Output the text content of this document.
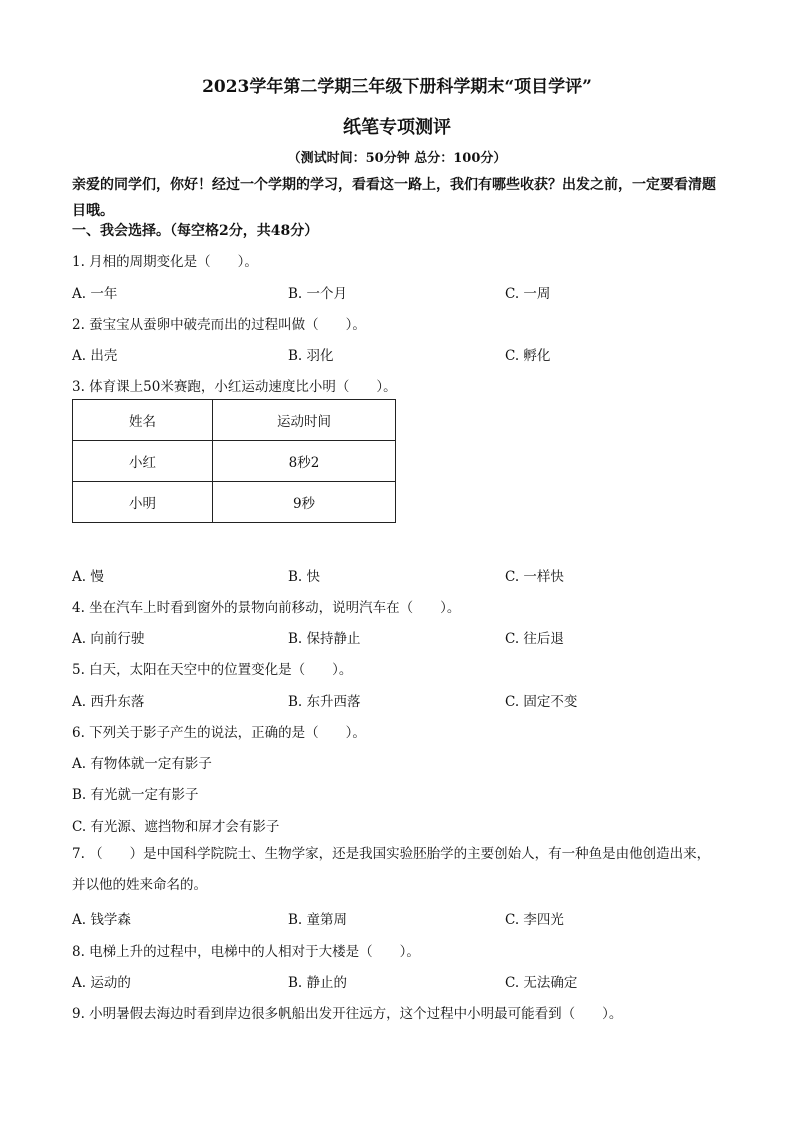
2023学年第二学期三年级下册科学期末“项目学评”
纸笔专项测评
（测试时间：50分钟 总分：100分）
亲爱的同学们，你好！经过一个学期的学习，看看这一路上，我们有哪些收获？出发之前，一定要看清题目哦。
一、我会选择。（每空格2分，共48分）
1. 月相的周期变化是（　　）。
A. 一年	B. 一个月	C. 一周
2. 蚕宝宝从蚕卵中破壳而出的过程叫做（　　）。
A. 出壳	B. 羽化	C. 孵化
3. 体育课上50米赛跑，小红运动速度比小明（　　）。
姓名	运动时间
小红	8秒2
小明	9秒
A. 慢	B. 快	C. 一样快
4. 坐在汽车上时看到窗外的景物向前移动，说明汽车在（　　）。
A. 向前行驶	B. 保持静止	C. 往后退
5. 白天，太阳在天空中的位置变化是（　　）。
A. 西升东落	B. 东升西落	C. 固定不变
6. 下列关于影子产生的说法，正确的是（　　）。
A. 有物体就一定有影子
B. 有光就一定有影子
C. 有光源、遮挡物和屏才会有影子
7. （　　）是中国科学院院士、生物学家，还是我国实验胚胎学的主要创始人，有一种鱼是由他创造出来，并以他的姓来命名的。
A. 钱学森	B. 童第周	C. 李四光
8. 电梯上升的过程中，电梯中的人相对于大楼是（　　）。
A. 运动的	B. 静止的	C. 无法确定
9. 小明暑假去海边时看到岸边很多帆船出发开往远方，这个过程中小明最可能看到（　　）。
